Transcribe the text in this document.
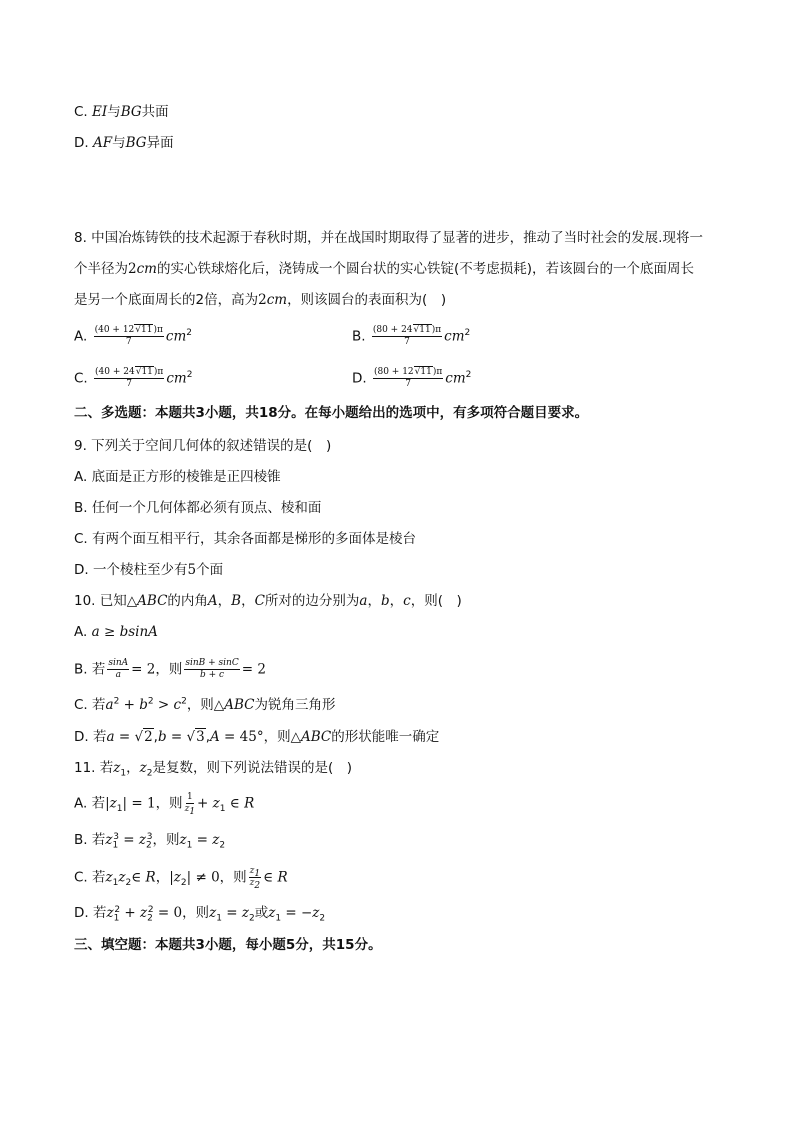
C. EI与BG共面
D. AF与BG异面
8. 中国冶炼铸铁的技术起源于春秋时期，并在战国时期取得了显著的进步，推动了当时社会的发展.现将一
个半径为2cm的实心铁球熔化后，浇铸成一个圆台状的实心铁锭(不考虑损耗)，若该圆台的一个底面周长
是另一个底面周长的2倍，高为2cm，则该圆台的表面积为(　)
A. $\frac{(40 + 12√11)\pi}{7} cm^2$	B. $\frac{(80 + 24√11)\pi}{7} cm^2$
C. $\frac{(40 + 24√11)\pi}{7} cm^2$	D. $\frac{(80 + 12√11)\pi}{7} cm^2$
二、多选题：本题共3小题，共18分。在每小题给出的选项中，有多项符合题目要求。
9. 下列关于空间几何体的叙述错误的是(　)
A. 底面是正方形的棱锥是正四棱锥
B. 任何一个几何体都必须有顶点、棱和面
C. 有两个面互相平行，其余各面都是梯形的多面体是棱台
D. 一个棱柱至少有5个面
10. 已知△ABC的内角A，B，C所对的边分别为a，b，c，则(　)
A. a ≥ bsinA
B. 若 $\frac{\sin A}{a} = 2$，则 $\frac{\sin B + \sin C}{b + c} = 2$
C. 若$a^2 + b^2 > c^2$，则△ABC为锐角三角形
D. 若a = √2,b = √3,A = 45°，则△ABC的形状能唯一确定
11. 若$z_1$，$z_2$是复数，则下列说法错误的是(　)
A. 若$|z_1| = 1$，则 $\frac{1}{z_1} + z_1$ ∈ R
B. 若$z_1^3 = z_2^3$，则$z_1 = z_2$
C. 若$z_1z_2\in$ R，$|z_2| \ne 0$，则 $\frac{z_1}{z_2}$ ∈ R
D. 若$z_1^2 + z_2^2 = 0$，则$z_1 = z_2$或$z_1 = -z_2$
三、填空题：本题共3小题，每小题5分，共15分。
